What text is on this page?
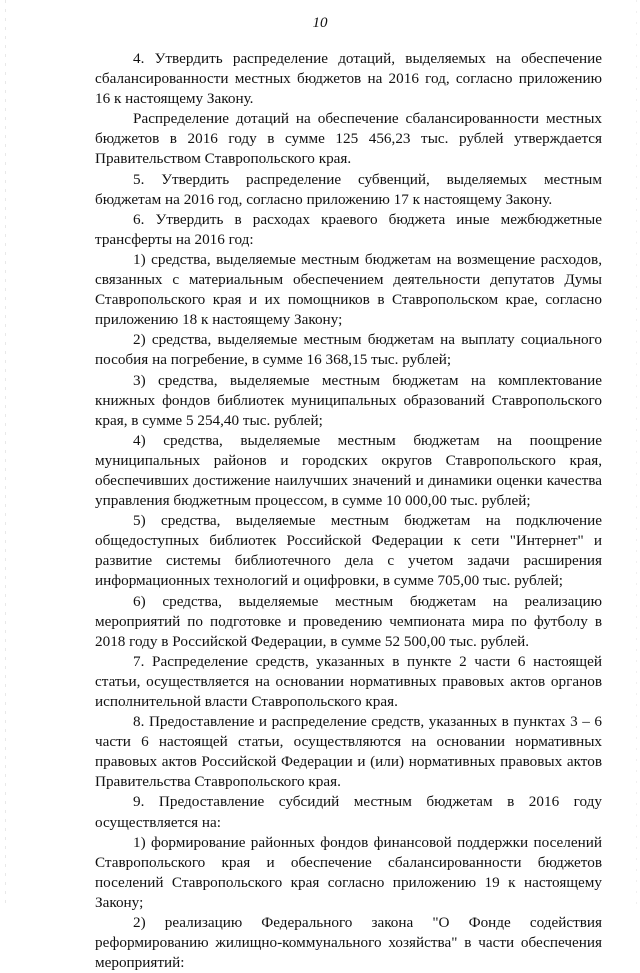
10

4. Утвердить распределение дотаций, выделяемых на обеспечение сбалансированности местных бюджетов на 2016 год, согласно приложению 16 к настоящему Закону.

Распределение дотаций на обеспечение сбалансированности местных бюджетов в 2016 году в сумме 125 456,23 тыс. рублей утверждается Правительством Ставропольского края.

5. Утвердить распределение субвенций, выделяемых местным бюджетам на 2016 год, согласно приложению 17 к настоящему Закону.

6. Утвердить в расходах краевого бюджета иные межбюджетные трансферты на 2016 год:

1) средства, выделяемые местным бюджетам на возмещение расходов, связанных с материальным обеспечением деятельности депутатов Думы Ставропольского края и их помощников в Ставропольском крае, согласно приложению 18 к настоящему Закону;

2) средства, выделяемые местным бюджетам на выплату социального пособия на погребение, в сумме 16 368,15 тыс. рублей;

3) средства, выделяемые местным бюджетам на комплектование книжных фондов библиотек муниципальных образований Ставропольского края, в сумме 5 254,40 тыс. рублей;

4) средства, выделяемые местным бюджетам на поощрение муниципальных районов и городских округов Ставропольского края, обеспечивших достижение наилучших значений и динамики оценки качества управления бюджетным процессом, в сумме 10 000,00 тыс. рублей;

5) средства, выделяемые местным бюджетам на подключение общедоступных библиотек Российской Федерации к сети "Интернет" и развитие системы библиотечного дела с учетом задачи расширения информационных технологий и оцифровки, в сумме 705,00 тыс. рублей;

6) средства, выделяемые местным бюджетам на реализацию мероприятий по подготовке и проведению чемпионата мира по футболу в 2018 году в Российской Федерации, в сумме 52 500,00 тыс. рублей.

7. Распределение средств, указанных в пункте 2 части 6 настоящей статьи, осуществляется на основании нормативных правовых актов органов исполнительной власти Ставропольского края.

8. Предоставление и распределение средств, указанных в пунктах 3 – 6 части 6 настоящей статьи, осуществляются на основании нормативных правовых актов Российской Федерации и (или) нормативных правовых актов Правительства Ставропольского края.

9. Предоставление субсидий местным бюджетам в 2016 году осуществляется на:

1) формирование районных фондов финансовой поддержки поселений Ставропольского края и обеспечение сбалансированности бюджетов поселений Ставропольского края согласно приложению 19 к настоящему Закону;

2) реализацию Федерального закона "О Фонде содействия реформированию жилищно-коммунального хозяйства" в части обеспечения мероприятий:
